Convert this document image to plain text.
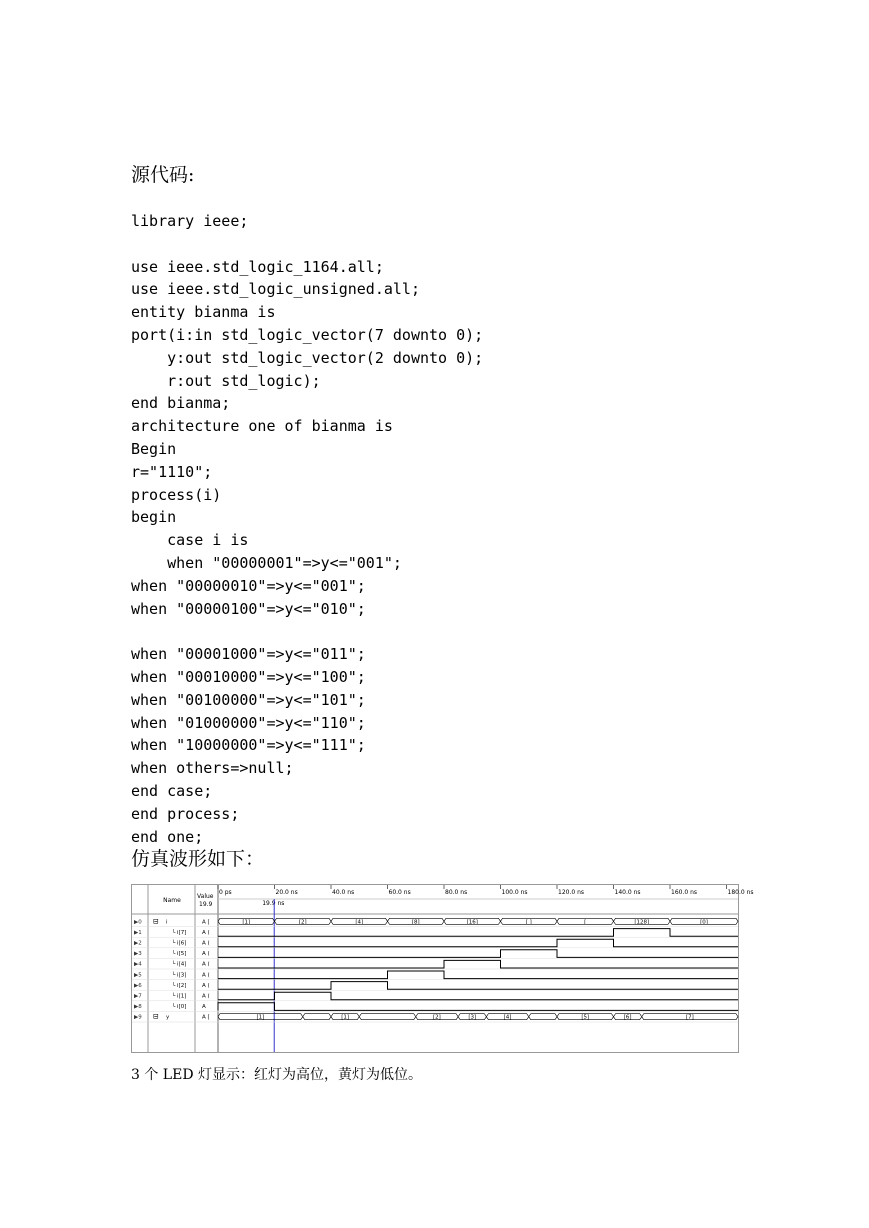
源代码:
library ieee;
use ieee.std_logic_1164.all;
use ieee.std_logic_unsigned.all;
entity bianma is
port(i:in std_logic_vector(7 downto 0);
y:out std_logic_vector(2 downto 0);
r:out std_logic);
end bianma;
architecture one of bianma is
Begin
r="1110";
process(i)
begin
case i is
when "00000001"=>y<="001";
when "00000010"=>y<="001";
when "00000100"=>y<="010";
when "00001000"=>y<="011";
when "00010000"=>y<="100";
when "00100000"=>y<="101";
when "01000000"=>y<="110";
when "10000000"=>y<="111";
when others=>null;
end case;
end process;
end one;
仿真波形如下：
Name
Value
19.9
0 ps	20.0 ns	40.0 ns	60.0 ns	80.0 ns	100.0 ns	120.0 ns	140.0 ns	160.0 ns	180.0 ns
19.9 ns
▶0 ⊟ i	A [
▶1	└ i[7]	A (
▶2	└ i[6]	A (
▶3	└ i[5]	A (
▶4	└ i[4]	A (
▶5	└ i[3]	A (
▶6	└ i[2]	A (
▶7	└ i[1]	A (
▶8	└ i[0]	A
▶9 ⊟ y	A [
[1]	[2]	[4]	[8]	[16]	[ ]	[	[128]	[0]
[1]	[1]	[2]	[3]	[4]	[5]	[6]	[7]
3 个 LED 灯显示：红灯为高位，黄灯为低位。
